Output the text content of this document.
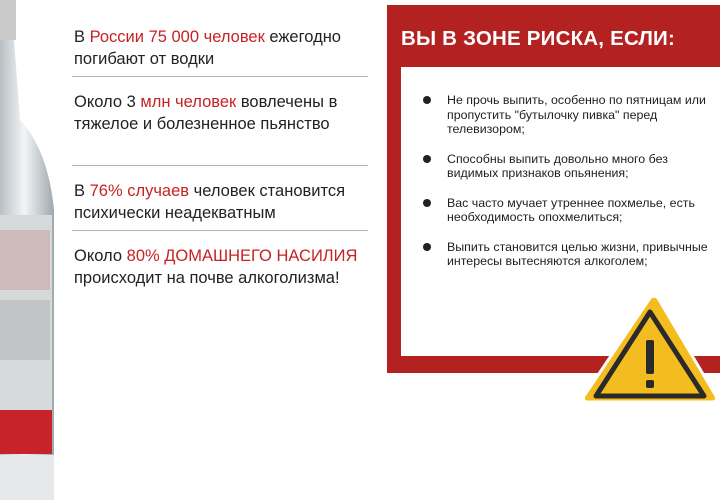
В России 75 000 человек ежегодно погибают от водки
Около 3 млн человек вовлечены в тяжелое и болезненное пьянство
В 76% случаев человек становится психически неадекватным
Около 80% ДОМАШНЕГО НАСИЛИЯ происходит на почве алкоголизма!
ВЫ В ЗОНЕ РИСКА, ЕСЛИ:
Не прочь выпить, особенно по пятницам или пропустить "бутылочку пивка" перед телевизором;
Способны выпить довольно много без видимых признаков опьянения;
Вас часто мучает утреннее похмелье, есть необходимость опохмелиться;
Выпить становится целью жизни, привычные интересы вытесняются алкоголем;
